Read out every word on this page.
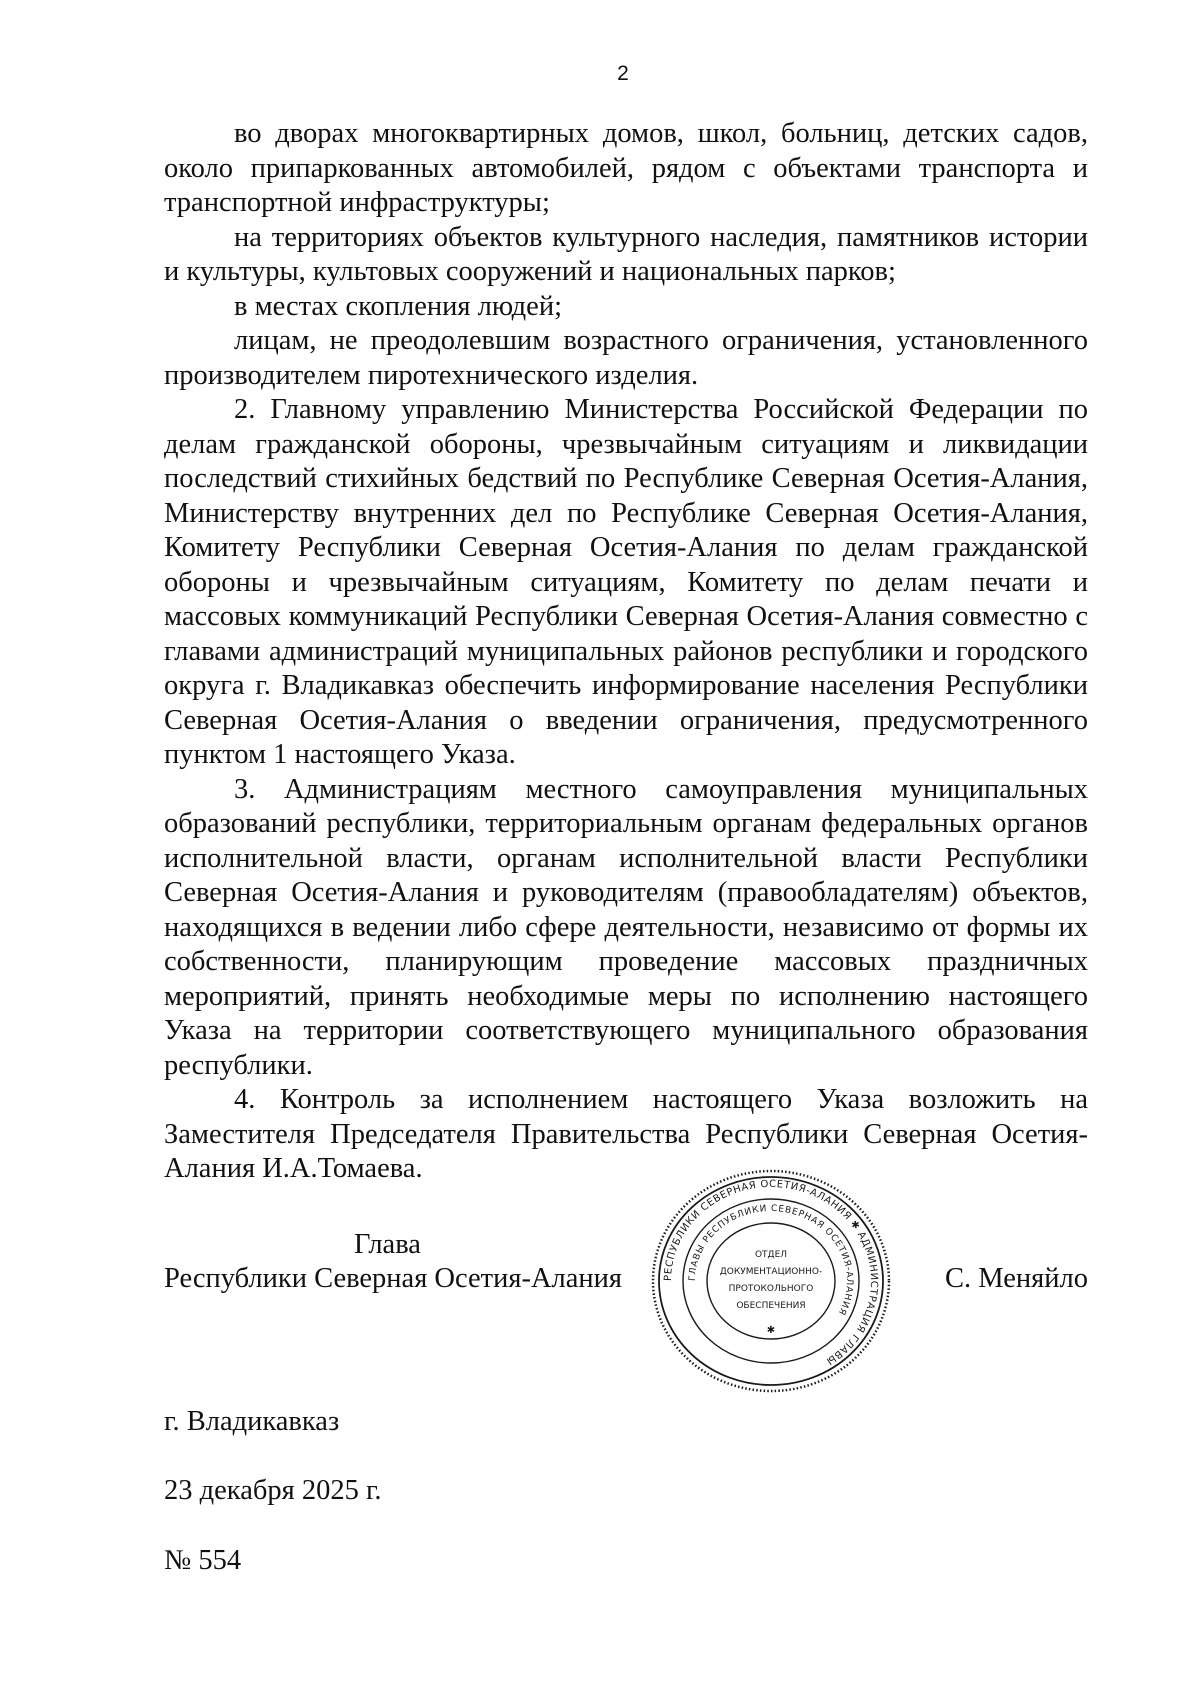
2

во дворах многоквартирных домов, школ, больниц, детских садов, около припаркованных автомобилей, рядом с объектами транспорта и транспортной инфраструктуры;

на территориях объектов культурного наследия, памятников истории и культуры, культовых сооружений и национальных парков;

в местах скопления людей;

лицам, не преодолевшим возрастного ограничения, установленного производителем пиротехнического изделия.

2. Главному управлению Министерства Российской Федерации по делам гражданской обороны, чрезвычайным ситуациям и ликвидации последствий стихийных бедствий по Республике Северная Осетия-Алания, Министерству внутренних дел по Республике Северная Осетия-Алания, Комитету Республики Северная Осетия-Алания по делам гражданской обороны и чрезвычайным ситуациям, Комитету по делам печати и массовых коммуникаций Республики Северная Осетия-Алания совместно с главами администраций муниципальных районов республики и городского округа г. Владикавказ обеспечить информирование населения Республики Северная Осетия-Алания о введении ограничения, предусмотренного пунктом 1 настоящего Указа.

3. Администрациям местного самоуправления муниципальных образований республики, территориальным органам федеральных органов исполнительной власти, органам исполнительной власти Республики Северная Осетия-Алания и руководителям (правообладателям) объектов, находящихся в ведении либо сфере деятельности, независимо от формы их собственности, планирующим проведение массовых праздничных мероприятий, принять необходимые меры по исполнению настоящего Указа на территории соответствующего муниципального образования республики.

4. Контроль за исполнением настоящего Указа возложить на Заместителя Председателя Правительства Республики Северная Осетия-Алания И.А.Томаева.

Глава
Республики Северная Осетия-Алания	С. Меняйло
РЕСПУБЛИКИ СЕВЕРНАЯ ОСЕТИЯ-АЛАНИЯ ✱ АДМИНИСТРАЦИЯ ГЛАВЫ
ГЛАВЫ РЕСПУБЛИКИ СЕВЕРНАЯ ОСЕТИЯ-АЛАНИЯ
ОТДЕЛ
ДОКУМЕНТАЦИОННО-
ПРОТОКОЛЬНОГО
ОБЕСПЕЧЕНИЯ
✱
г. Владикавказ
23 декабря 2025 г.
№ 554
